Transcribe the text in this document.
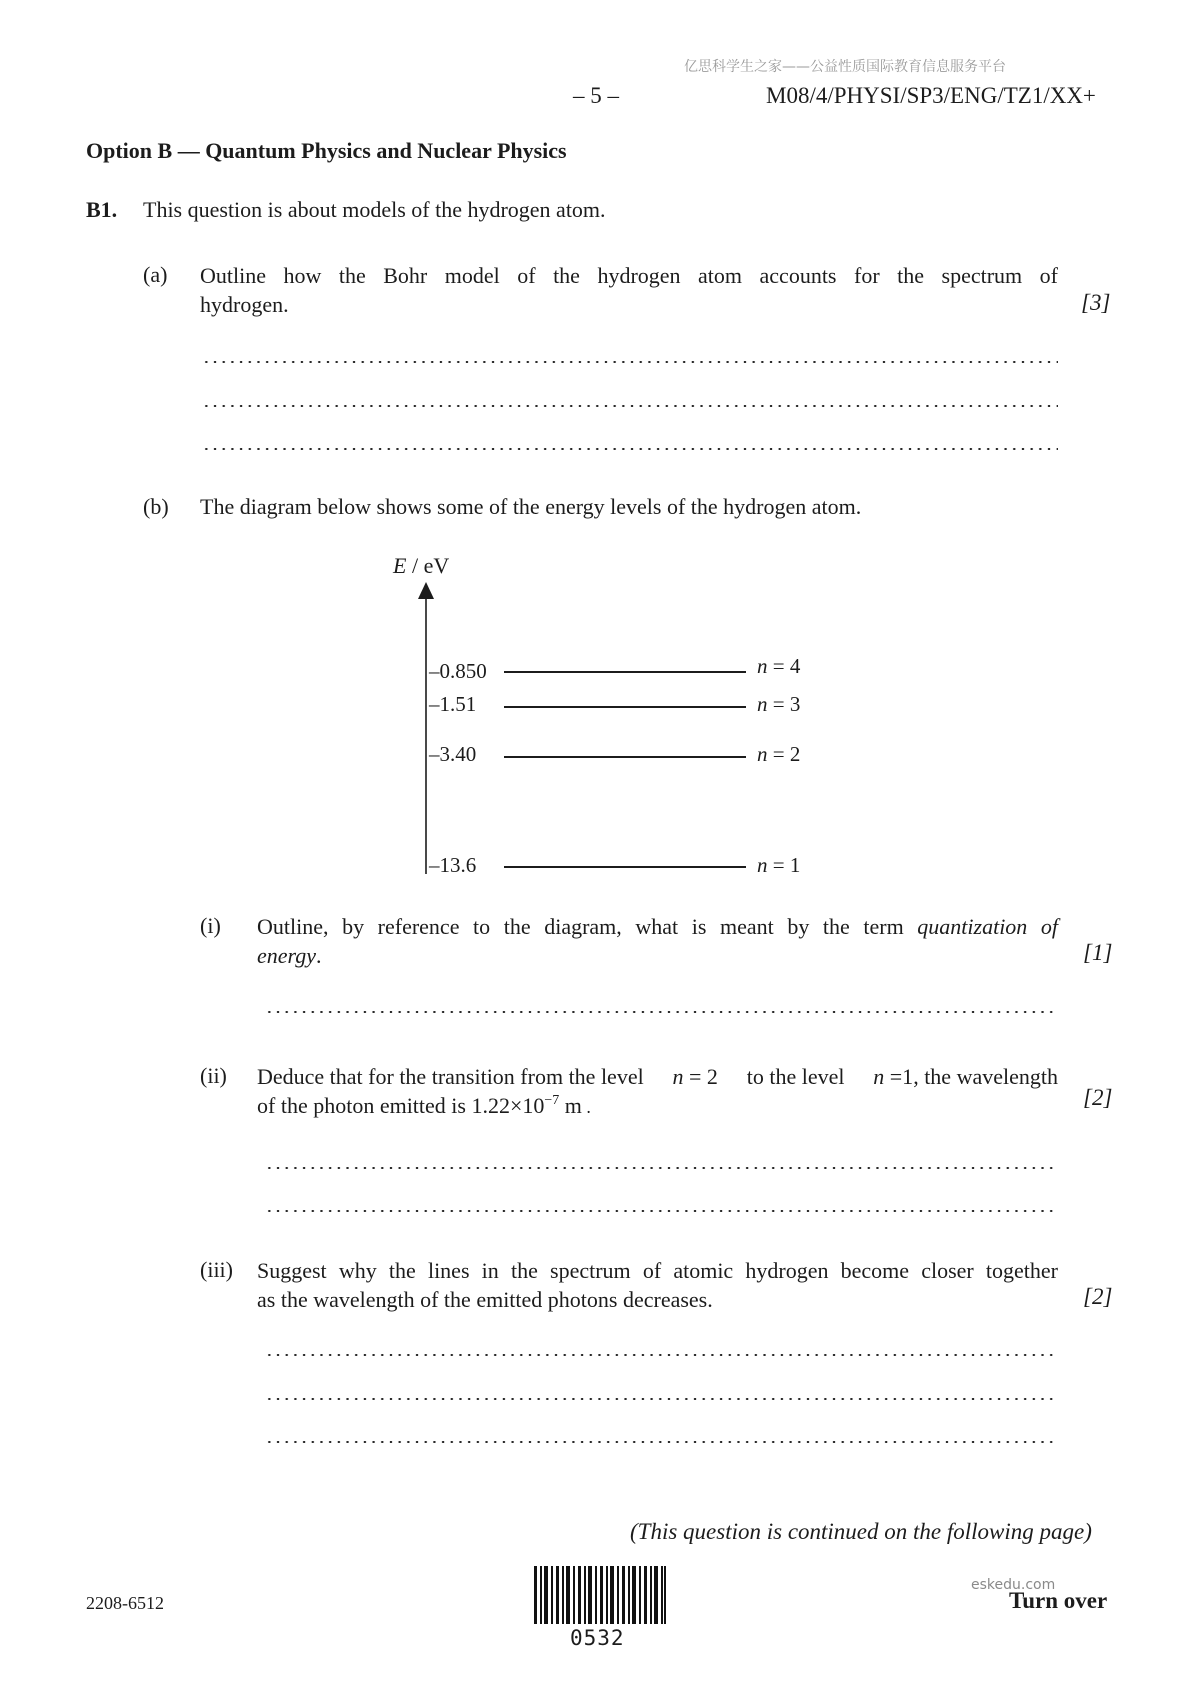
亿思科学生之家——公益性质国际教育信息服务平台
– 5 –	M08/4/PHYSI/SP3/ENG/TZ1/XX+
Option B — Quantum Physics and Nuclear Physics
B1. This question is about models of the hydrogen atom.
(a) Outline how the Bohr model of the hydrogen atom accounts for the spectrum of
hydrogen.	[3]
(b) The diagram below shows some of the energy levels of the hydrogen atom.
E / eV
–0.850	n = 4
–1.51	n = 3
–3.40	n = 2
–13.6	n = 1
(i) Outline, by reference to the diagram, what is meant by the term quantization of
energy.	[1]
(ii) Deduce that for the transition from the level n = 2 to the level n =1, the wavelength
of the photon emitted is $1.22\times 10^{-7}$ m .	[2]
(iii) Suggest why the lines in the spectrum of atomic hydrogen become closer together
as the wavelength of the emitted photons decreases.	[2]
(This question is continued on the following page)
2208-6512
0532
eskedu.com
Turn over
